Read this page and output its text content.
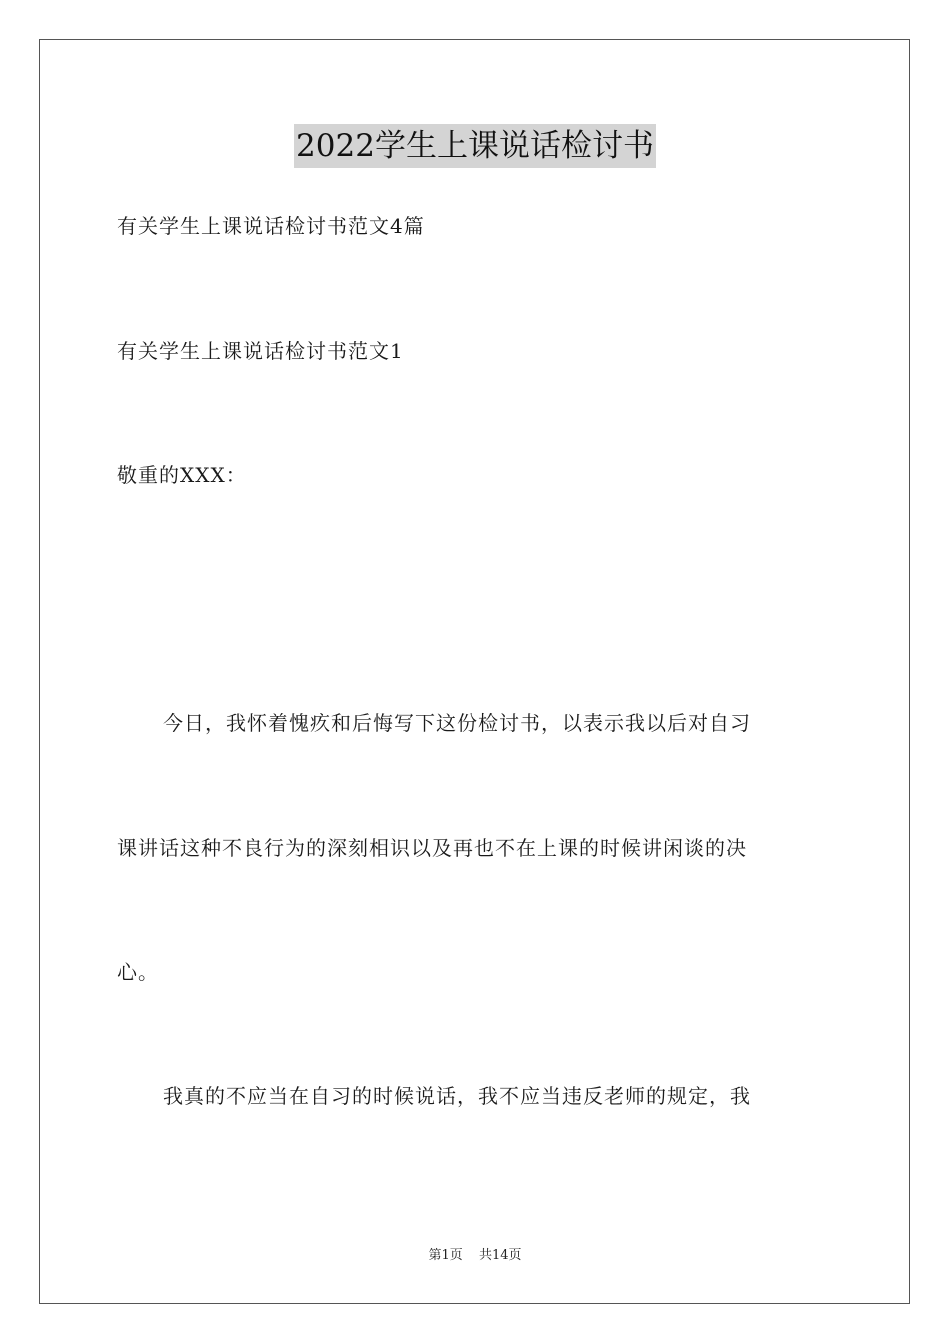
2022学生上课说话检讨书
有关学生上课说话检讨书范文4篇
有关学生上课说话检讨书范文1
敬重的XXX：
今日，我怀着愧疚和后悔写下这份检讨书，以表示我以后对自习
课讲话这种不良行为的深刻相识以及再也不在上课的时候讲闲谈的决
心。
我真的不应当在自习的时候说话，我不应当违反老师的规定，我
第1页 共14页
